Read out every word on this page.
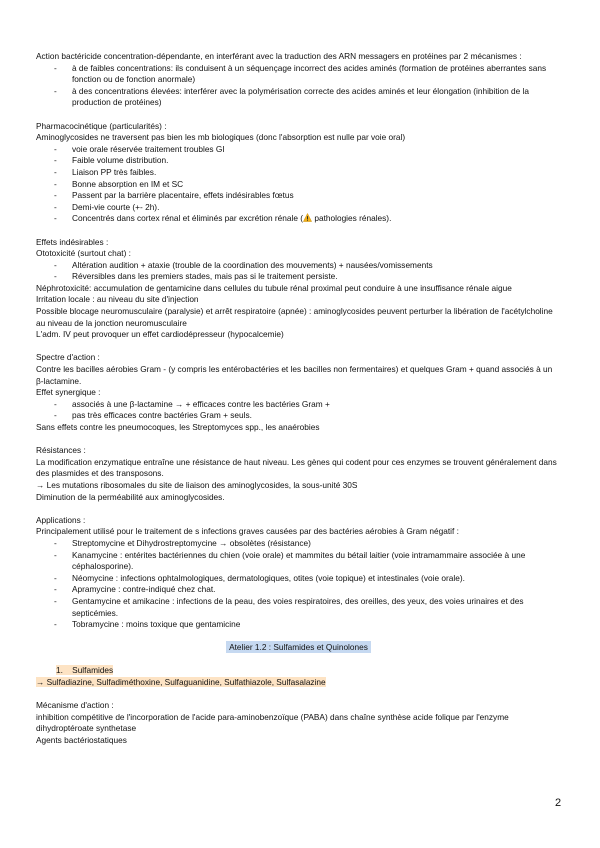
Action bactéricide concentration-dépendante, en interférant avec la traduction des ARN messagers en protéines par 2 mécanismes :

- à de faibles concentrations: ils conduisent à un séquençage incorrect des acides aminés (formation de protéines aberrantes sans fonction ou de fonction anormale)
- à des concentrations élevées: interférer avec la polymérisation correcte des acides aminés et leur élongation (inhibition de la production de protéines)

Pharmacocinétique (particularités) :

Aminoglycosides ne traversent pas bien les mb biologiques (donc l'absorption est nulle par voie oral)

- voie orale réservée traitement troubles GI
- Faible volume distribution.
- Liaison PP très faibles.
- Bonne absorption en IM et SC
- Passent par la barrière placentaire, effets indésirables fœtus
- Demi-vie courte (+- 2h).
- Concentrés dans cortex rénal et éliminés par excrétion rénale ( pathologies rénales).

Effets indésirables :

Ototoxicité (surtout chat) :

- Altération audition + ataxie (trouble de la coordination des mouvements) + nausées/vomissements
- Réversibles dans les premiers stades, mais pas si le traitement persiste.

Néphrotoxicité: accumulation de gentamicine dans cellules du tubule rénal proximal peut conduire à une insuffisance rénale aigue

Irritation locale : au niveau du site d'injection

Possible blocage neuromusculaire (paralysie) et arrêt respiratoire (apnée) : aminoglycosides peuvent perturber la libération de l'acétylcholine au niveau de la jonction neuromusculaire

L'adm. IV peut provoquer un effet cardiodépresseur (hypocalcemie)

Spectre d'action :

Contre les bacilles aérobies Gram - (y compris les entérobactéries et les bacilles non fermentaires) et quelques Gram + quand associés à un β-lactamine.

Effet synergique :

- associés à une β-lactamine → + efficaces contre les bactéries Gram +
- pas très efficaces contre bactéries Gram + seuls.

Sans effets contre les pneumocoques, les Streptomyces spp., les anaérobies

Résistances :

La modification enzymatique entraîne une résistance de haut niveau. Les gènes qui codent pour ces enzymes se trouvent généralement dans des plasmides et des transposons.

→ Les mutations ribosomales du site de liaison des aminoglycosides, la sous-unité 30S

Diminution de la perméabilité aux aminoglycosides.

Applications :

Principalement utilisé pour le traitement de s infections graves causées par des bactéries aérobies à Gram négatif :

- Streptomycine et Dihydrostreptomycine → obsolètes (résistance)
- Kanamycine : entérites bactériennes du chien (voie orale) et mammites du bétail laitier (voie intramammaire associée à une céphalosporine).
- Néomycine : infections ophtalmologiques, dermatologiques, otites (voie topique) et intestinales (voie orale).
- Apramycine : contre-indiqué chez chat.
- Gentamycine et amikacine : infections de la peau, des voies respiratoires, des oreilles, des yeux, des voies urinaires et des septicémies.
- Tobramycine : moins toxique que gentamicine

Atelier 1.2 : Sulfamides et Quinolones

1. Sulfamides

→ Sulfadiazine, Sulfadiméthoxine, Sulfaguanidine, Sulfathiazole, Sulfasalazine

Mécanisme d'action :

inhibition compétitive de l'incorporation de l'acide para-aminobenzoïque (PABA) dans chaîne synthèse acide folique par l'enzyme dihydroptéroate synthetase

Agents bactériostatiques

2
